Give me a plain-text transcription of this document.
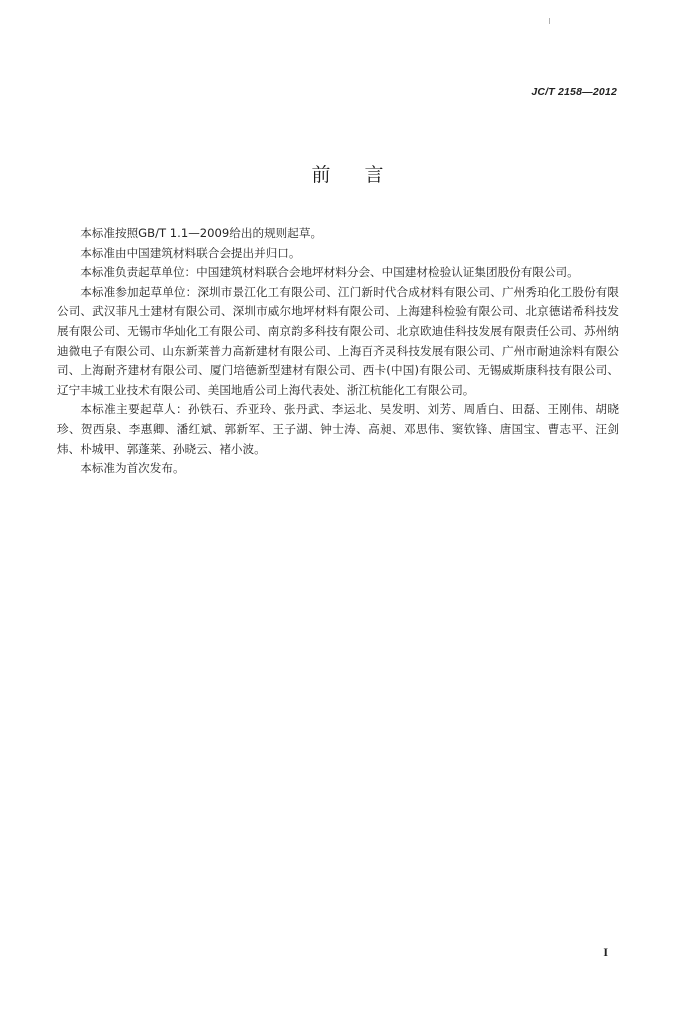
JC/T 2158—2012
前言

本标准按照GB/T 1.1—2009给出的规则起草。

本标准由中国建筑材料联合会提出并归口。

本标准负责起草单位：中国建筑材料联合会地坪材料分会、中国建材检验认证集团股份有限公司。

本标准参加起草单位：深圳市景江化工有限公司、江门新时代合成材料有限公司、广州秀珀化工股份有限公司、武汉菲凡士建材有限公司、深圳市威尔地坪材料有限公司、上海建科检验有限公司、北京德诺希科技发展有限公司、无锡市华灿化工有限公司、南京韵多科技有限公司、北京欧迪佳科技发展有限责任公司、苏州纳迪微电子有限公司、山东新莱普力高新建材有限公司、上海百齐灵科技发展有限公司、广州市耐迪涂料有限公司、上海耐齐建材有限公司、厦门培德新型建材有限公司、西卡(中国)有限公司、无锡威斯康科技有限公司、辽宁丰城工业技术有限公司、美国地盾公司上海代表处、浙江杭能化工有限公司。

本标准主要起草人：孙铁石、乔亚玲、张丹武、李运北、吴发明、刘芳、周盾白、田磊、王刚伟、胡晓珍、贺西泉、李惠卿、潘红斌、郭新军、王子湖、钟士涛、高昶、邓思伟、窦钦锋、唐国宝、曹志平、汪剑炜、朴城甲、郭蓬莱、孙晓云、褚小波。

本标准为首次发布。

I
